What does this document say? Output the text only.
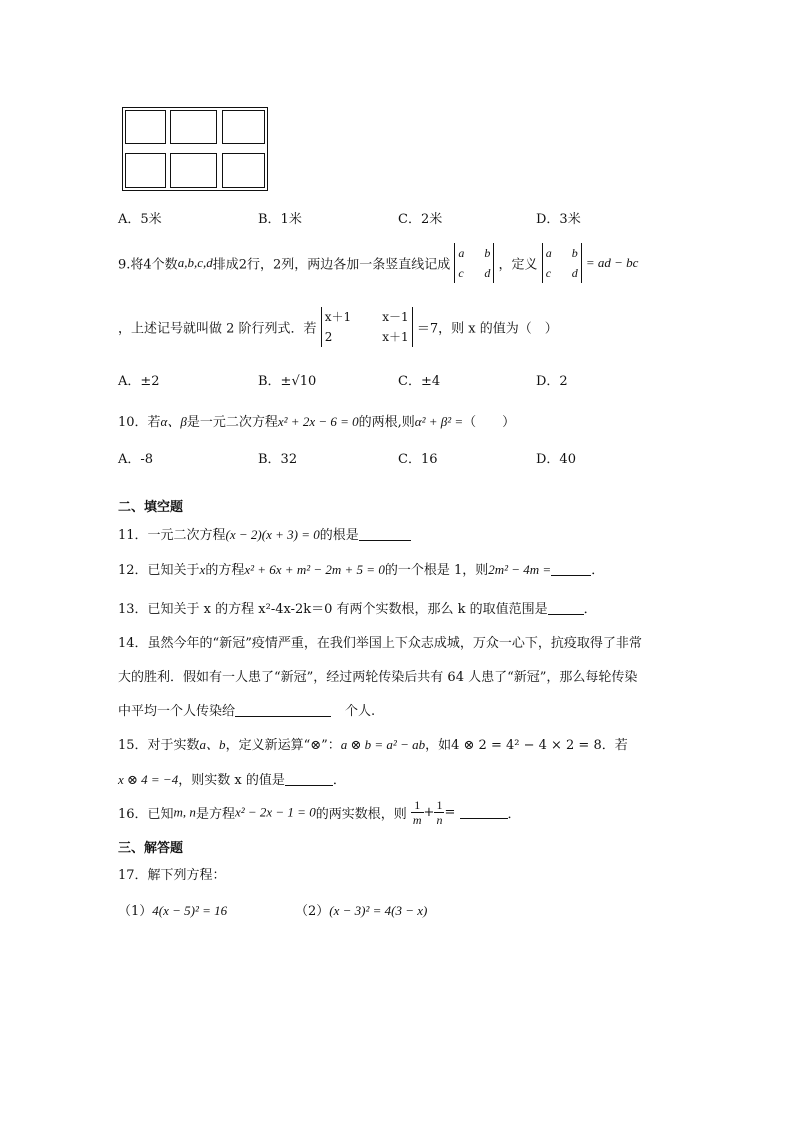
A．5米	B．1米	C．2米	D．3米
9.将4个数a,b,c,d排成2行，2列，两边各加一条竖直线记成
a b
c d
，定义
a b
c d
= ad − bc
，上述记号就叫做 2 阶行列式．若
x＋1	x－1
2	x＋1
＝7，则 x 的值为（　）
A．±2	B．±√10	C．±4	D．2
10．若α、β是一元二次方程x² + 2x − 6 = 0的两根,则α² + β² =（　　）
A．-8	B．32	C．16	D．40
二、填空题
11．一元二次方程(x − 2)(x + 3) = 0的根是
12．已知关于x的方程x² + 6x + m² − 2m + 5 = 0的一个根是 1，则2m² − 4m =	．
13．已知关于 x 的方程 x²-4x-2k＝0 有两个实数根，那么 k 的取值范围是	．
14．虽然今年的“新冠”疫情严重，在我们举国上下众志成城，万众一心下，抗疫取得了非常
大的胜利．假如有一人患了“新冠”，经过两轮传染后共有 64 人患了“新冠”，那么每轮传染
中平均一个人传染给	个人.
15．对于实数a、b，定义新运算“⊗”：a ⊗ b = a² − ab，如4 ⊗ 2 = 4² − 4 × 2 = 8．若
x ⊗ 4 = −4，则实数 x 的值是	．
16．已知m, n是方程x² − 2x − 1 = 0的两实数根，则 $\frac{1}{m} + \frac{1}{n}$ =	．
三、解答题
17．解下列方程：
（1）4(x − 5)² = 16	（2）(x − 3)² = 4(3 − x)
